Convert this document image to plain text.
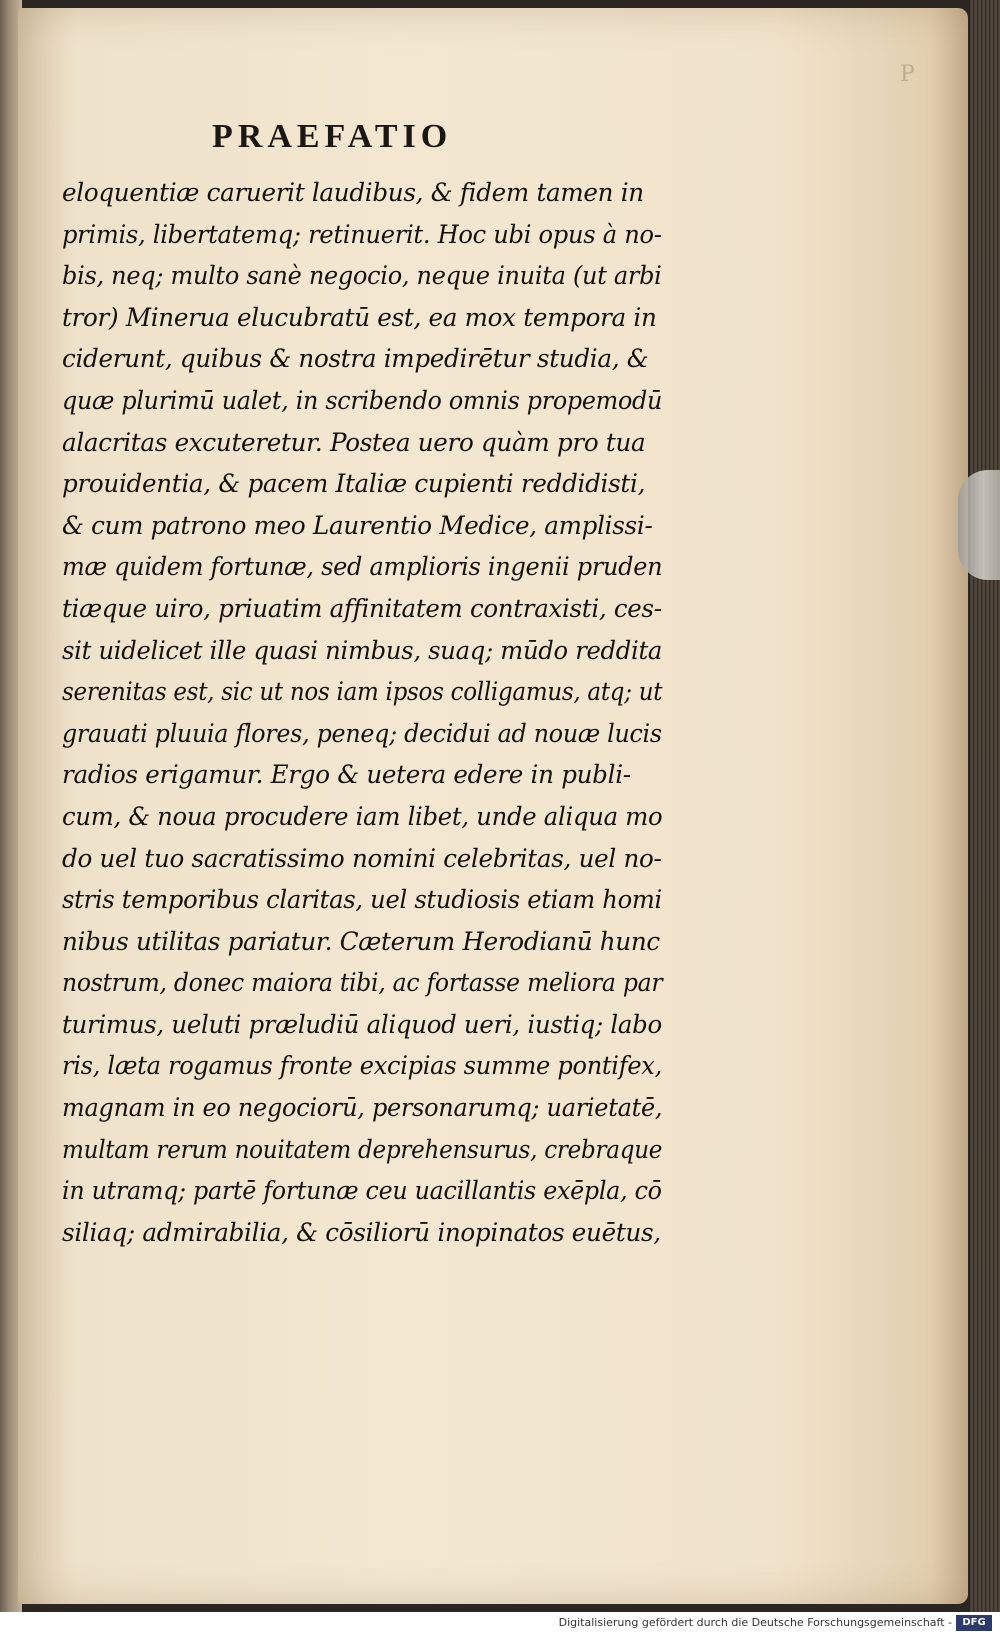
P
PRAEFATIO
eloquentiæ caruerit laudibus, & fidem tamen in
primis, libertatemq; retinuerit. Hoc ubi opus à no-
bis, neq; multo sanè negocio, neque inuita (ut arbi
tror) Minerua elucubratū est, ea mox tempora in
ciderunt, quibus & nostra impedirētur studia, &
quæ plurimū ualet, in scribendo omnis propemodū
alacritas excuteretur. Postea uero quàm pro tua
prouidentia, & pacem Italiæ cupienti reddidisti,
& cum patrono meo Laurentio Medice, amplissi-
mæ quidem fortunæ, sed amplioris ingenii pruden
tiæque uiro, priuatim affinitatem contraxisti, ces-
sit uidelicet ille quasi nimbus, suaq; mūdo reddita
serenitas est, sic ut nos iam ipsos colligamus, atq; ut
grauati pluuia flores, peneq; decidui ad nouæ lucis
radios erigamur. Ergo & uetera edere in publi-
cum, & noua procudere iam libet, unde aliqua mo
do uel tuo sacratissimo nomini celebritas, uel no-
stris temporibus claritas, uel studiosis etiam homi
nibus utilitas pariatur. Cæterum Herodianū hunc
nostrum, donec maiora tibi, ac fortasse meliora par
turimus, ueluti præludiū aliquod ueri, iustiq; labo
ris, læta rogamus fronte excipias summe pontifex,
magnam in eo negociorū, personarumq; uarietatē,
multam rerum nouitatem deprehensurus, crebraque
in utramq; partē fortunæ ceu uacillantis exēpla, cō
siliaq; admirabilia, & cōsiliorū inopinatos euētus,
Digitalisierung gefördert durch die Deutsche Forschungsgemeinschaft -	DFG
